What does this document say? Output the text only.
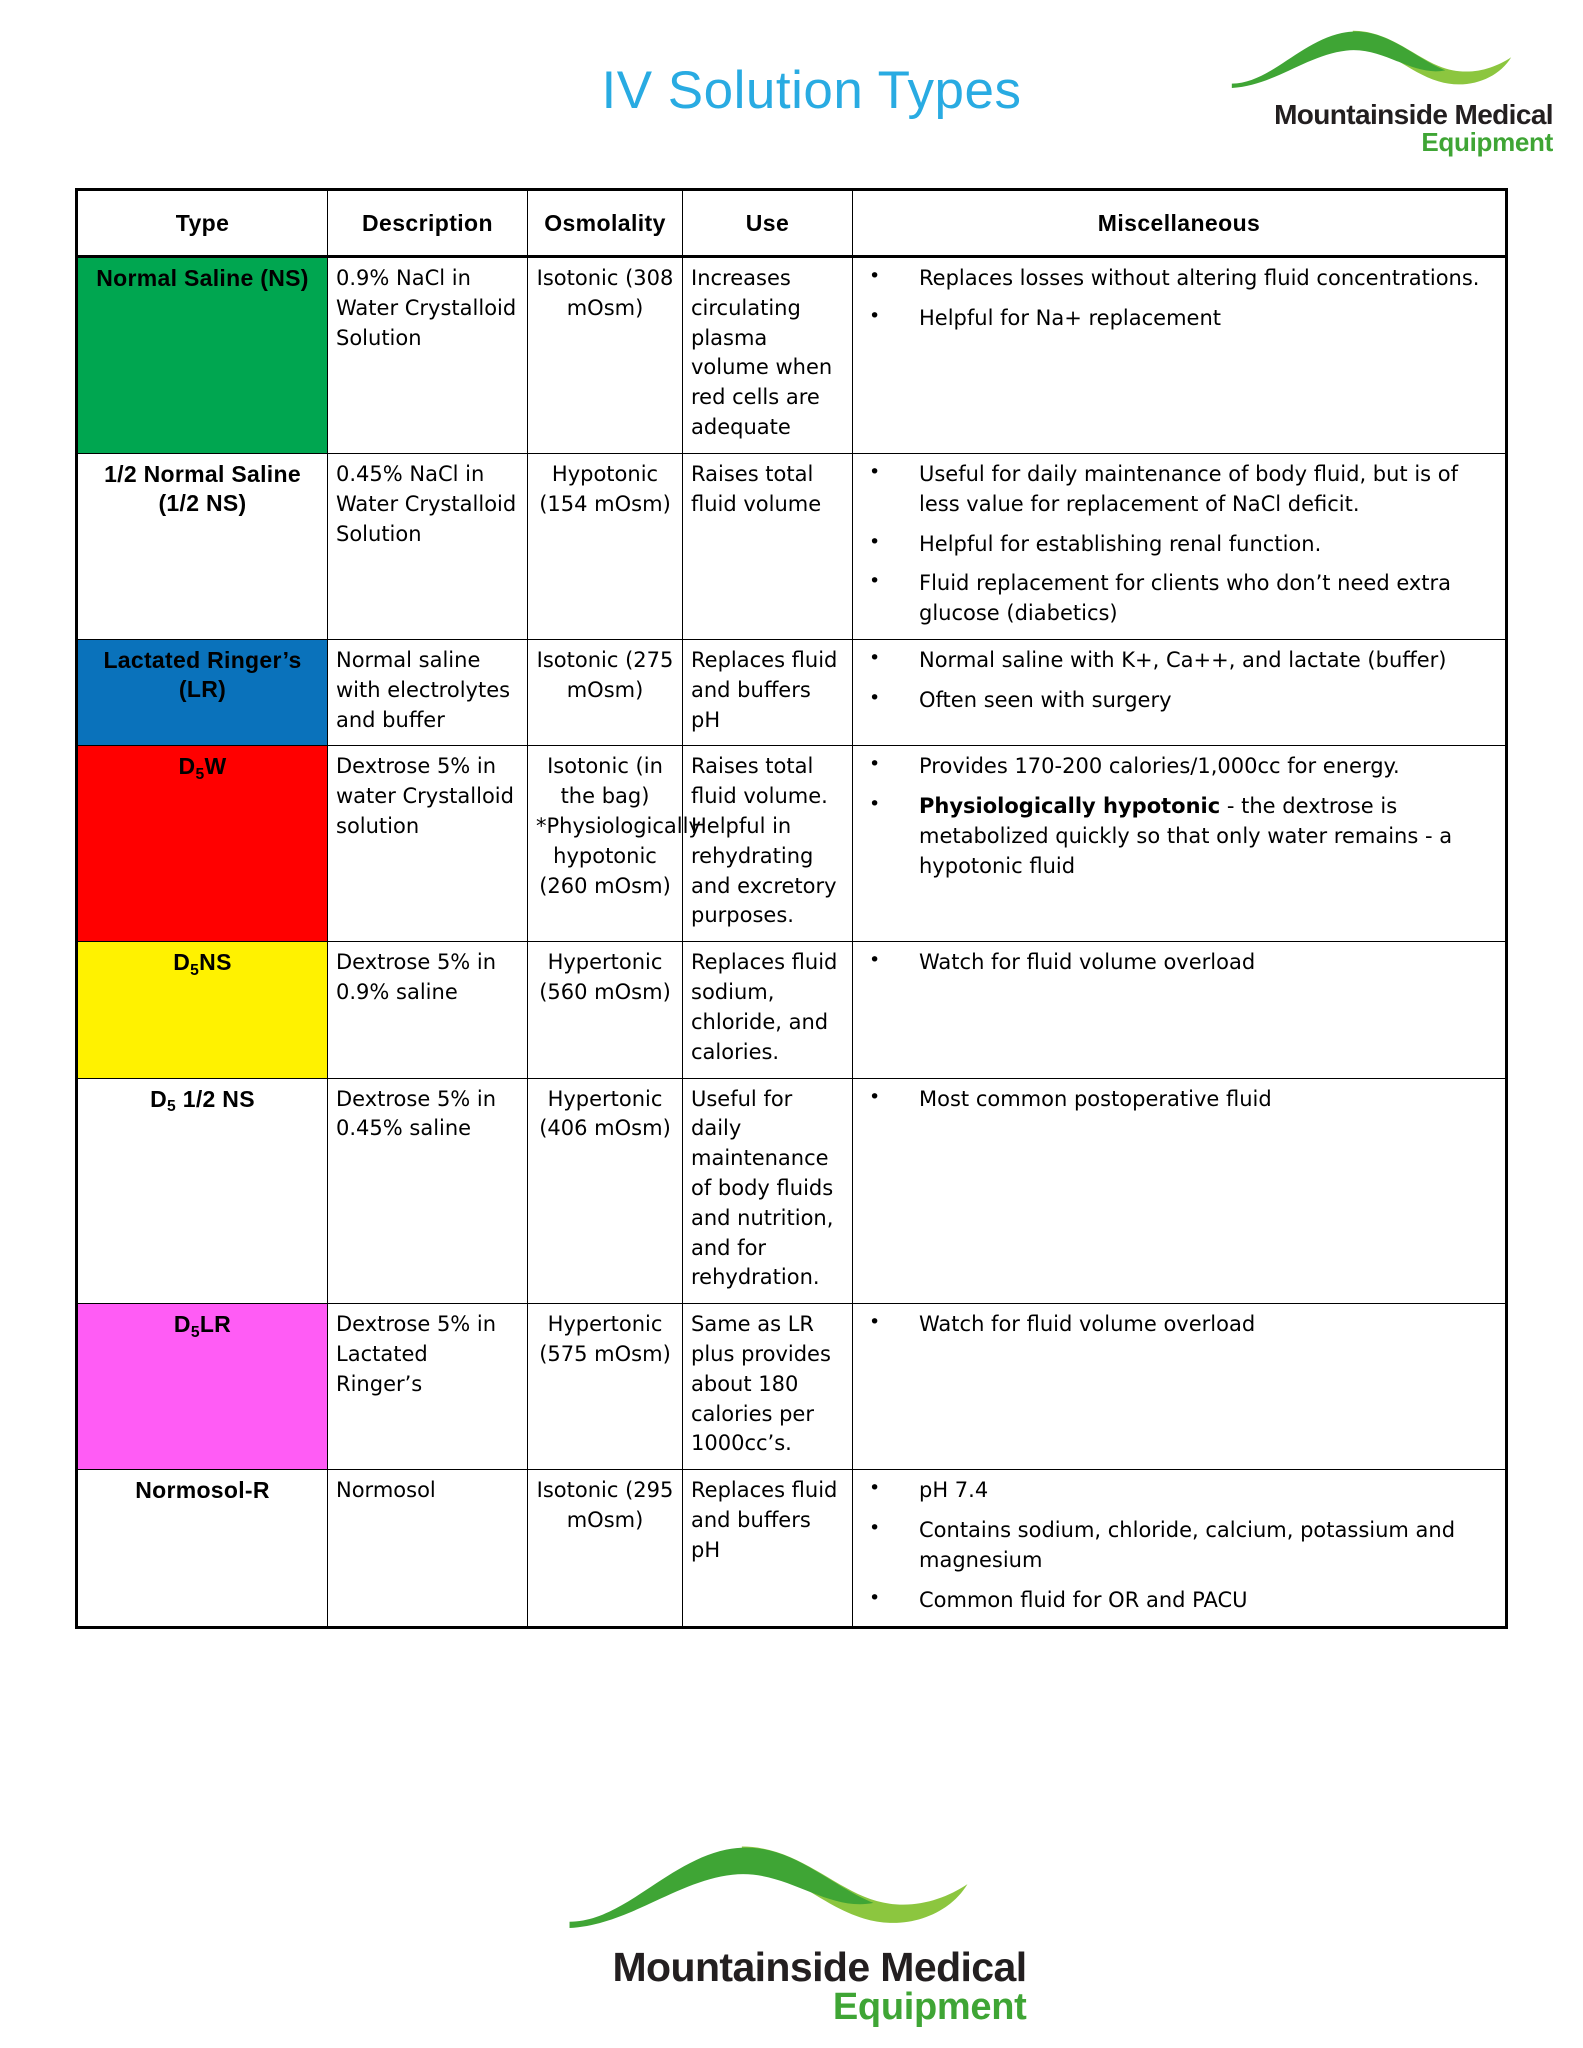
Mountainside Medical
Equipment
IV Solution Types
Type	Description	Osmolality	Use	Miscellaneous
Normal Saline (NS)	0.9% NaCl in Water Crystalloid Solution	Isotonic (308 mOsm)	Increases circulating plasma volume when red cells are adequate	
• Replaces losses without altering fluid concentrations.
• Helpful for Na+ replacement

1/2 Normal Saline (1/2 NS)	0.45% NaCl in Water Crystalloid Solution	Hypotonic (154 mOsm)	Raises total fluid volume	
• Useful for daily maintenance of body fluid, but is of less value for replacement of NaCl deficit.
• Helpful for establishing renal function.
• Fluid replacement for clients who don’t need extra glucose (diabetics)

Lactated Ringer’s (LR)	Normal saline with electrolytes and buffer	Isotonic (275 mOsm)	Replaces fluid and buffers pH	
• Normal saline with K+, Ca++, and lactate (buffer)
• Often seen with surgery

$D_5W$	Dextrose 5% in water Crystalloid solution	Isotonic (in the bag) *Physiologically hypotonic (260 mOsm)	Raises total fluid volume. Helpful in rehydrating and excretory purposes.	
• Provides 170-200 calories/1,000cc for energy.
• Physiologically hypotonic - the dextrose is metabolized quickly so that only water remains - a hypotonic fluid

$D_5NS$	Dextrose 5% in 0.9% saline	Hypertonic (560 mOsm)	Replaces fluid sodium, chloride, and calories.	
• Watch for fluid volume overload

$D_5$ 1/2 NS	Dextrose 5% in 0.45% saline	Hypertonic (406 mOsm)	Useful for daily maintenance of body fluids and nutrition, and for rehydration.	
• Most common postoperative fluid

$D_5LR$	Dextrose 5% in Lactated Ringer’s	Hypertonic (575 mOsm)	Same as LR plus provides about 180 calories per 1000cc’s.	
• Watch for fluid volume overload

Normosol-R	Normosol	Isotonic (295 mOsm)	Replaces fluid and buffers pH	
• pH 7.4
• Contains sodium, chloride, calcium, potassium and magnesium
• Common fluid for OR and PACU
Mountainside Medical
Equipment
